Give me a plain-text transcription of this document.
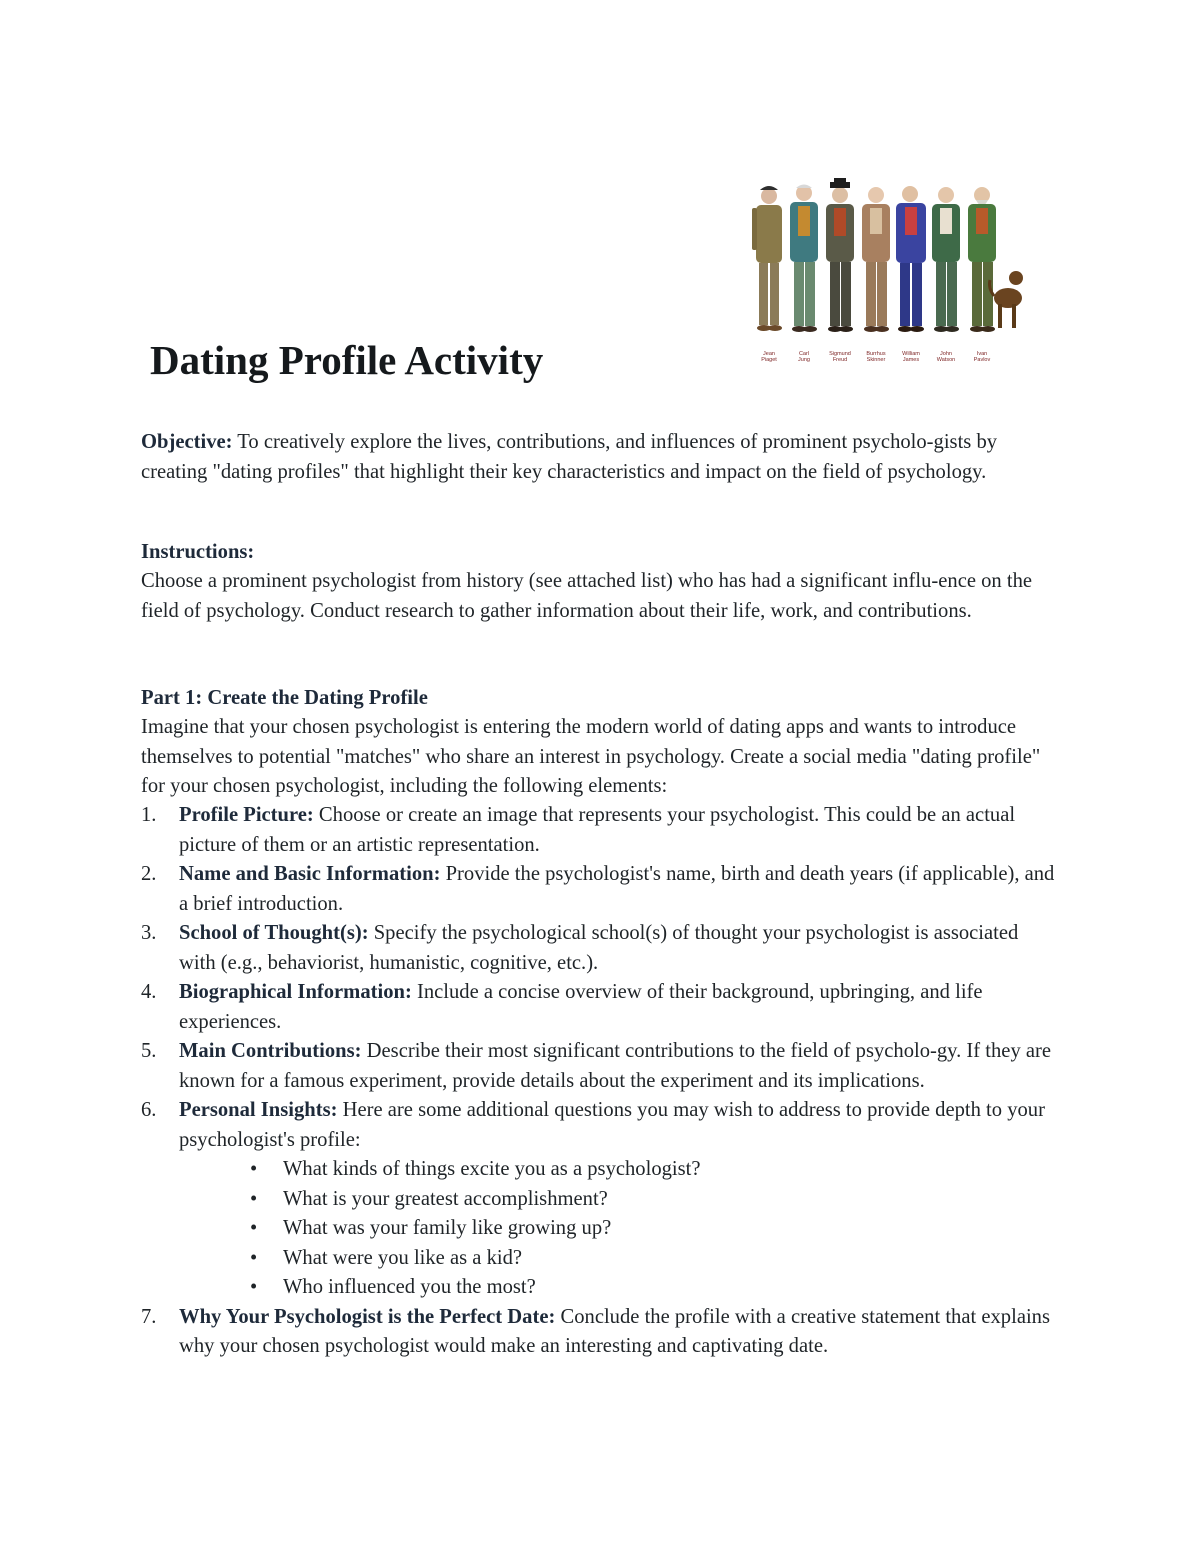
Jean
Piaget
Carl
Jung
Sigmund
Freud
Burrhus
Skinner
William
James
John
Watson
Ivan
Pavlov
Dating Profile Activity

Objective: To creatively explore the lives, contributions, and influences of prominent psycholo-gists by creating "dating profiles" that highlight their key characteristics and impact on the field of psychology.

Instructions:

Choose a prominent psychologist from history (see attached list) who has had a significant influ-ence on the field of psychology. Conduct research to gather information about their life, work, and contributions.

Part 1: Create the Dating Profile

Imagine that your chosen psychologist is entering the modern world of dating apps and wants to introduce themselves to potential "matches" who share an interest in psychology. Create a social media "dating profile" for your chosen psychologist, including the following elements:

1. Profile Picture: Choose or create an image that represents your psychologist. This could be an actual picture of them or an artistic representation.
2. Name and Basic Information: Provide the psychologist's name, birth and death years (if applicable), and a brief introduction.
3. School of Thought(s): Specify the psychological school(s) of thought your psychologist is associated with (e.g., behaviorist, humanistic, cognitive, etc.).
4. Biographical Information: Include a concise overview of their background, upbringing, and life experiences.
5. Main Contributions: Describe their most significant contributions to the field of psycholo-gy. If they are known for a famous experiment, provide details about the experiment and its implications.
6. Personal Insights: Here are some additional questions you may wish to address to provide depth to your psychologist's profile:
• What kinds of things excite you as a psychologist?
• What is your greatest accomplishment?
• What was your family like growing up?
• What were you like as a kid?
• Who influenced you the most?
7. Why Your Psychologist is the Perfect Date: Conclude the profile with a creative statement that explains why your chosen psychologist would make an interesting and captivating date.
